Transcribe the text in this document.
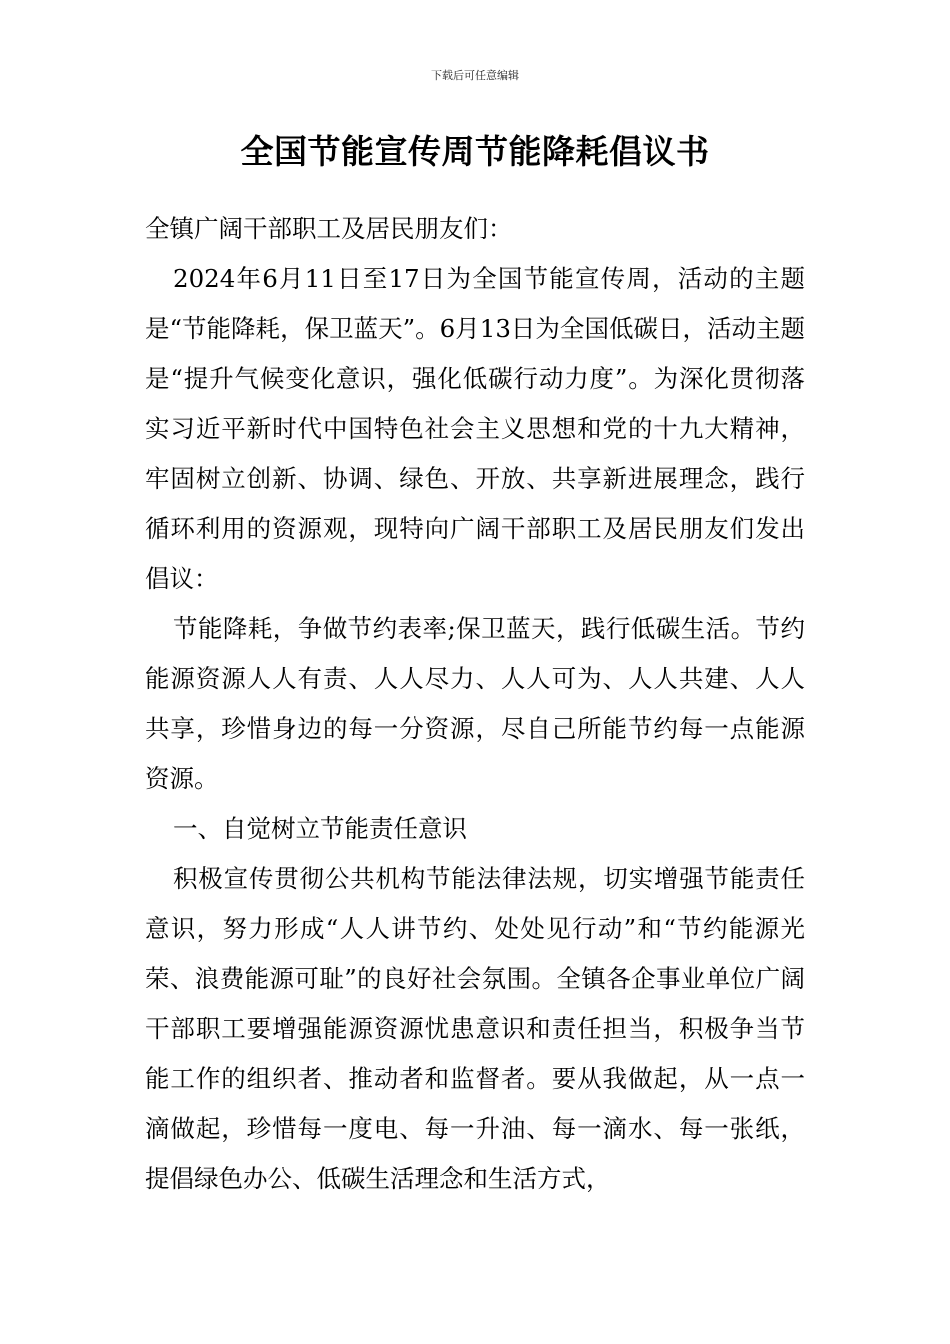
下载后可任意编辑
全国节能宣传周节能降耗倡议书

全镇广阔干部职工及居民朋友们：

2024年6月11日至17日为全国节能宣传周，活动的主题是“节能降耗，保卫蓝天”。6月13日为全国低碳日，活动主题是“提升气候变化意识，强化低碳行动力度”。为深化贯彻落实习近平新时代中国特色社会主义思想和党的十九大精神，牢固树立创新、协调、绿色、开放、共享新进展理念，践行循环利用的资源观，现特向广阔干部职工及居民朋友们发出倡议：

节能降耗，争做节约表率;保卫蓝天，践行低碳生活。节约能源资源人人有责、人人尽力、人人可为、人人共建、人人共享，珍惜身边的每一分资源，尽自己所能节约每一点能源资源。

一、自觉树立节能责任意识

积极宣传贯彻公共机构节能法律法规，切实增强节能责任意识，努力形成“人人讲节约、处处见行动”和“节约能源光荣、浪费能源可耻”的良好社会氛围。全镇各企事业单位广阔干部职工要增强能源资源忧患意识和责任担当，积极争当节能工作的组织者、推动者和监督者。要从我做起，从一点一滴做起，珍惜每一度电、每一升油、每一滴水、每一张纸，提倡绿色办公、低碳生活理念和生活方式，
